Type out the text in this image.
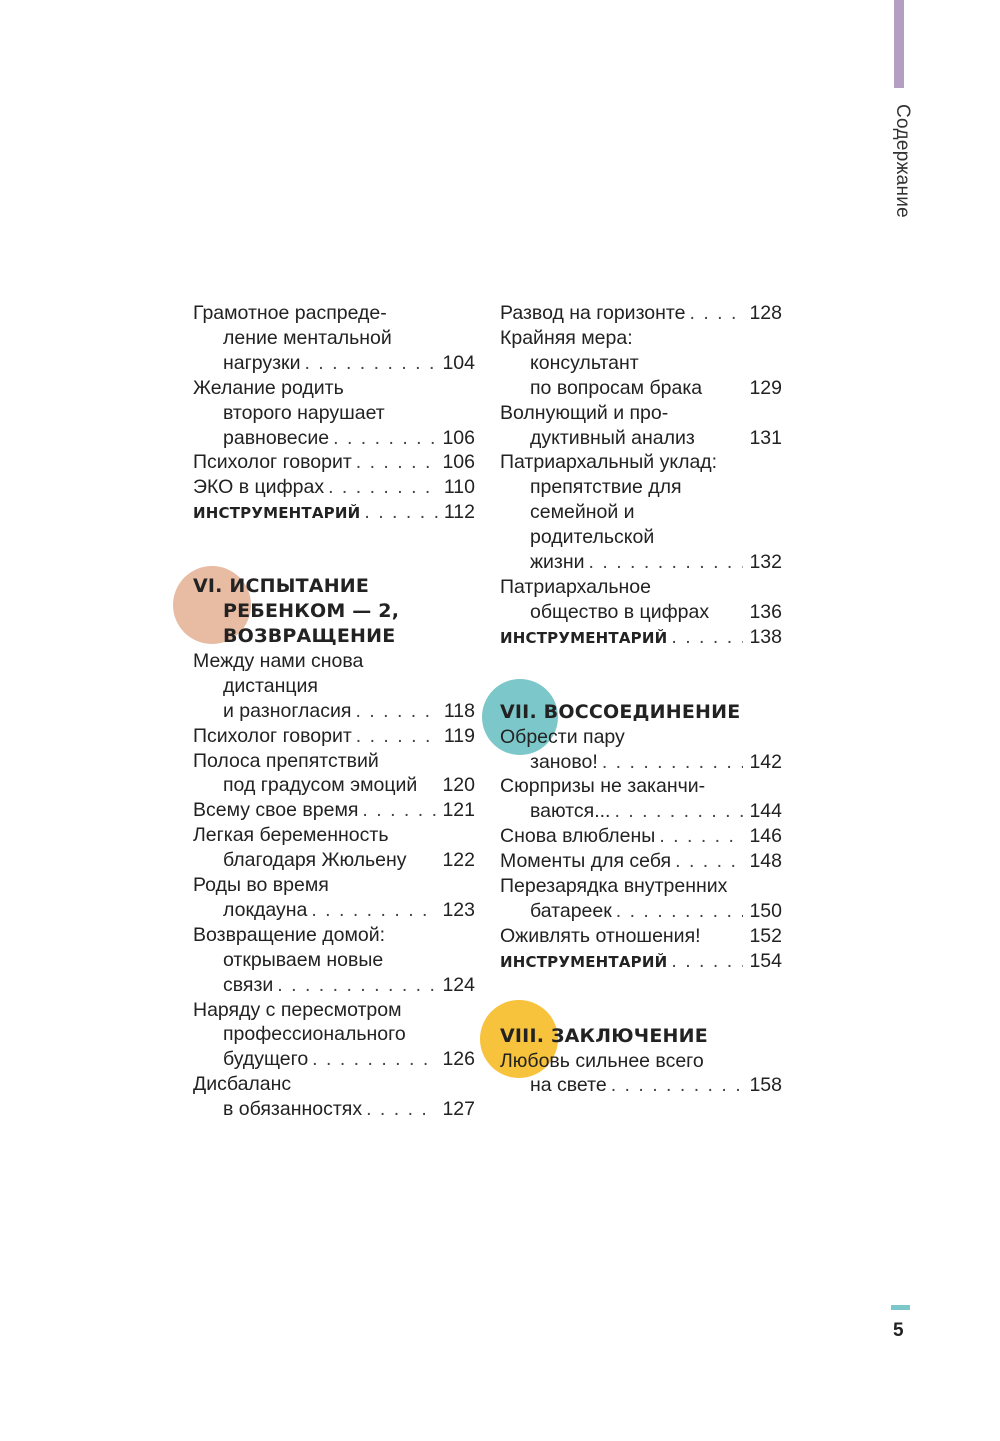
Содержание
Грамотное распреде-
ление ментальной
нагрузки . . .	104
Желание родить
второго нарушает
равновесие . . .	106
Психолог говорит . . .	106
ЭКО в цифрах . . .	110
ИНСТРУМЕНТАРИЙ . . .	112
VI. ИСПЫТАНИЕ
РЕБЕНКОМ — 2,
ВОЗВРАЩЕНИЕ
Между нами снова
дистанция
и разногласия . . .	118
Психолог говорит . . .	119
Полоса препятствий
под градусом эмоций 120
Всему свое время . . .	121
Легкая беременность
благодаря Жюльену 122
Роды во время
локдауна . . .	123
Возвращение домой:
открываем новые
связи . . .	124
Наряду с пересмотром
профессионального
будущего . . .	126
Дисбаланс
в обязанностях . . .	127
Развод на горизонте . . .	128
Крайняя мера:
консультант
по вопросам брака 129
Волнующий и про-
дуктивный анализ	131
Патриархальный уклад:
препятствие для
семейной и
родительской
жизни . . .	132
Патриархальное
общество в цифрах 136
ИНСТРУМЕНТАРИЙ . . .	138
VII. ВОССОЕДИНЕНИЕ
Обрести пару
заново! . . .	142
Сюрпризы не заканчи-
ваются... . . .	144
Снова влюблены . . .	146
Моменты для себя . . .	148
Перезарядка внутренних
батареек . . .	150
Оживлять отношения!	152
ИНСТРУМЕНТАРИЙ . . .	154
VIII. ЗАКЛЮЧЕНИЕ
Любовь сильнее всего
на свете . . .	158
5
